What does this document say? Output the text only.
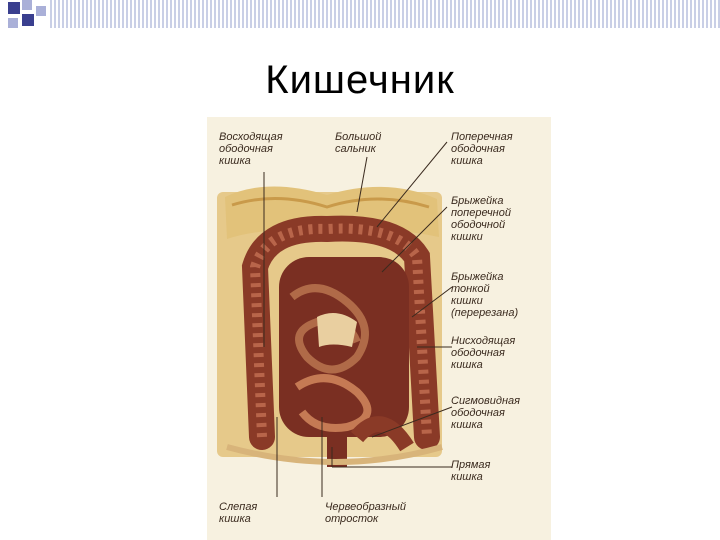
Кишечник
Восходящая
ободочная
кишка
Большой
сальник
Поперечная
ободочная
кишка
Брыжейка
поперечной
ободочной
кишки
Брыжейка
тонкой
кишки
(перерезана)
Нисходящая
ободочная
кишка
Сигмовидная
ободочная
кишка
Прямая
кишка
Слепая
кишка
Червеобразный
отросток
